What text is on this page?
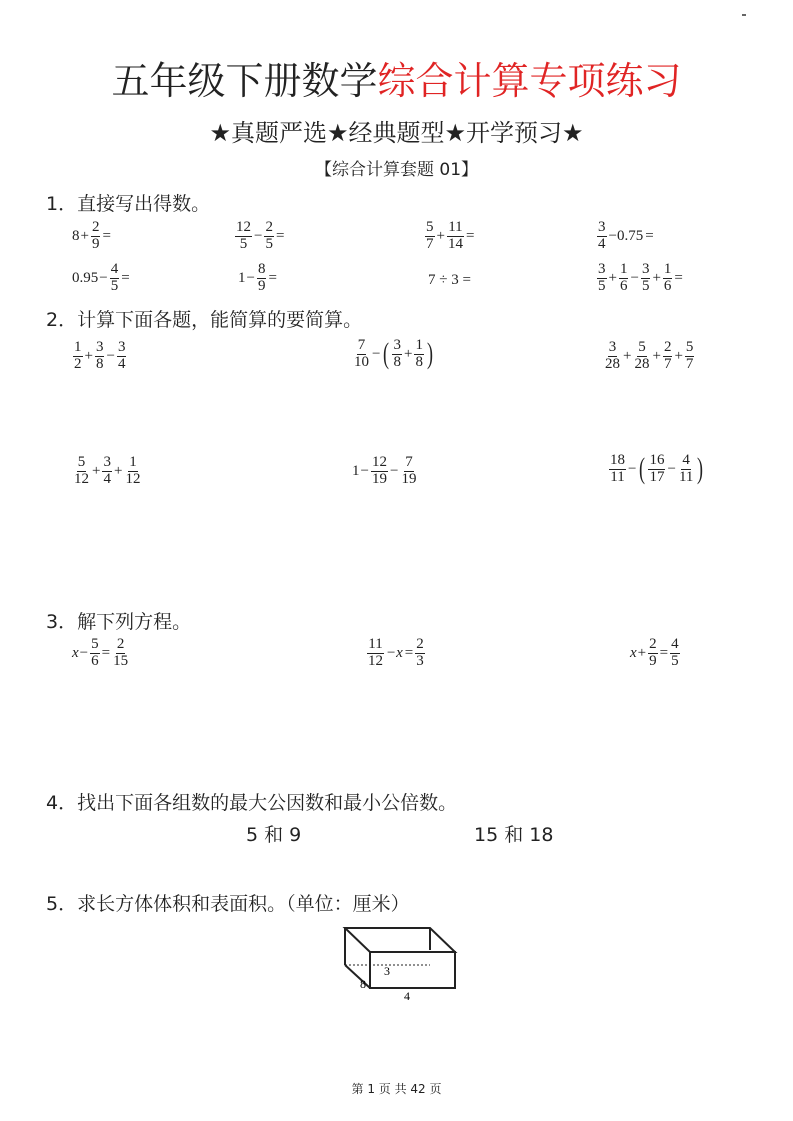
五年级下册数学综合计算专项练习
★真题严选★经典题型★开学预习★
【综合计算套题 01】
1．直接写出得数。
$8 + \frac{2}{9}$ =	$\frac{12}{5} - \frac{2}{5}$ =	$\frac{5}{7} + \frac{11}{14}$ =	$\frac{3}{4} -0.75$ =
$0.95 - \frac{4}{5}$ =	$1 - \frac{8}{9}$ =	7 ÷ 3 =	$\frac{3}{5} + \frac{1}{6} - \frac{3}{5} + \frac{1}{6}$ =
2．计算下面各题，能简算的要简算。
$\frac{1}{2} + \frac{3}{8} - \frac{3}{4}$	$\frac{7}{10}$ − ( $\frac{3}{8} + \frac{1}{8}$ )	$\frac{3}{28} + \frac{5}{28} + \frac{2}{7} + \frac{5}{7}$
$\frac{5}{12} + \frac{3}{4} + \frac{1}{12}$	$1 - \frac{12}{19} - \frac{7}{19}$	$\frac{18}{11}$ − ( $\frac{16}{17} - \frac{4}{11}$ )
3．解下列方程。
$x - \frac{5}{6} = \frac{2}{15}$	$\frac{11}{12} -x = \frac{2}{3}$	$x + \frac{2}{9} = \frac{4}{5}$
4．找出下面各组数的最大公因数和最小公倍数。
5 和 9	15 和 18
5．求长方体体积和表面积。（单位：厘米）
3
8
4
第 1 页 共 42 页
